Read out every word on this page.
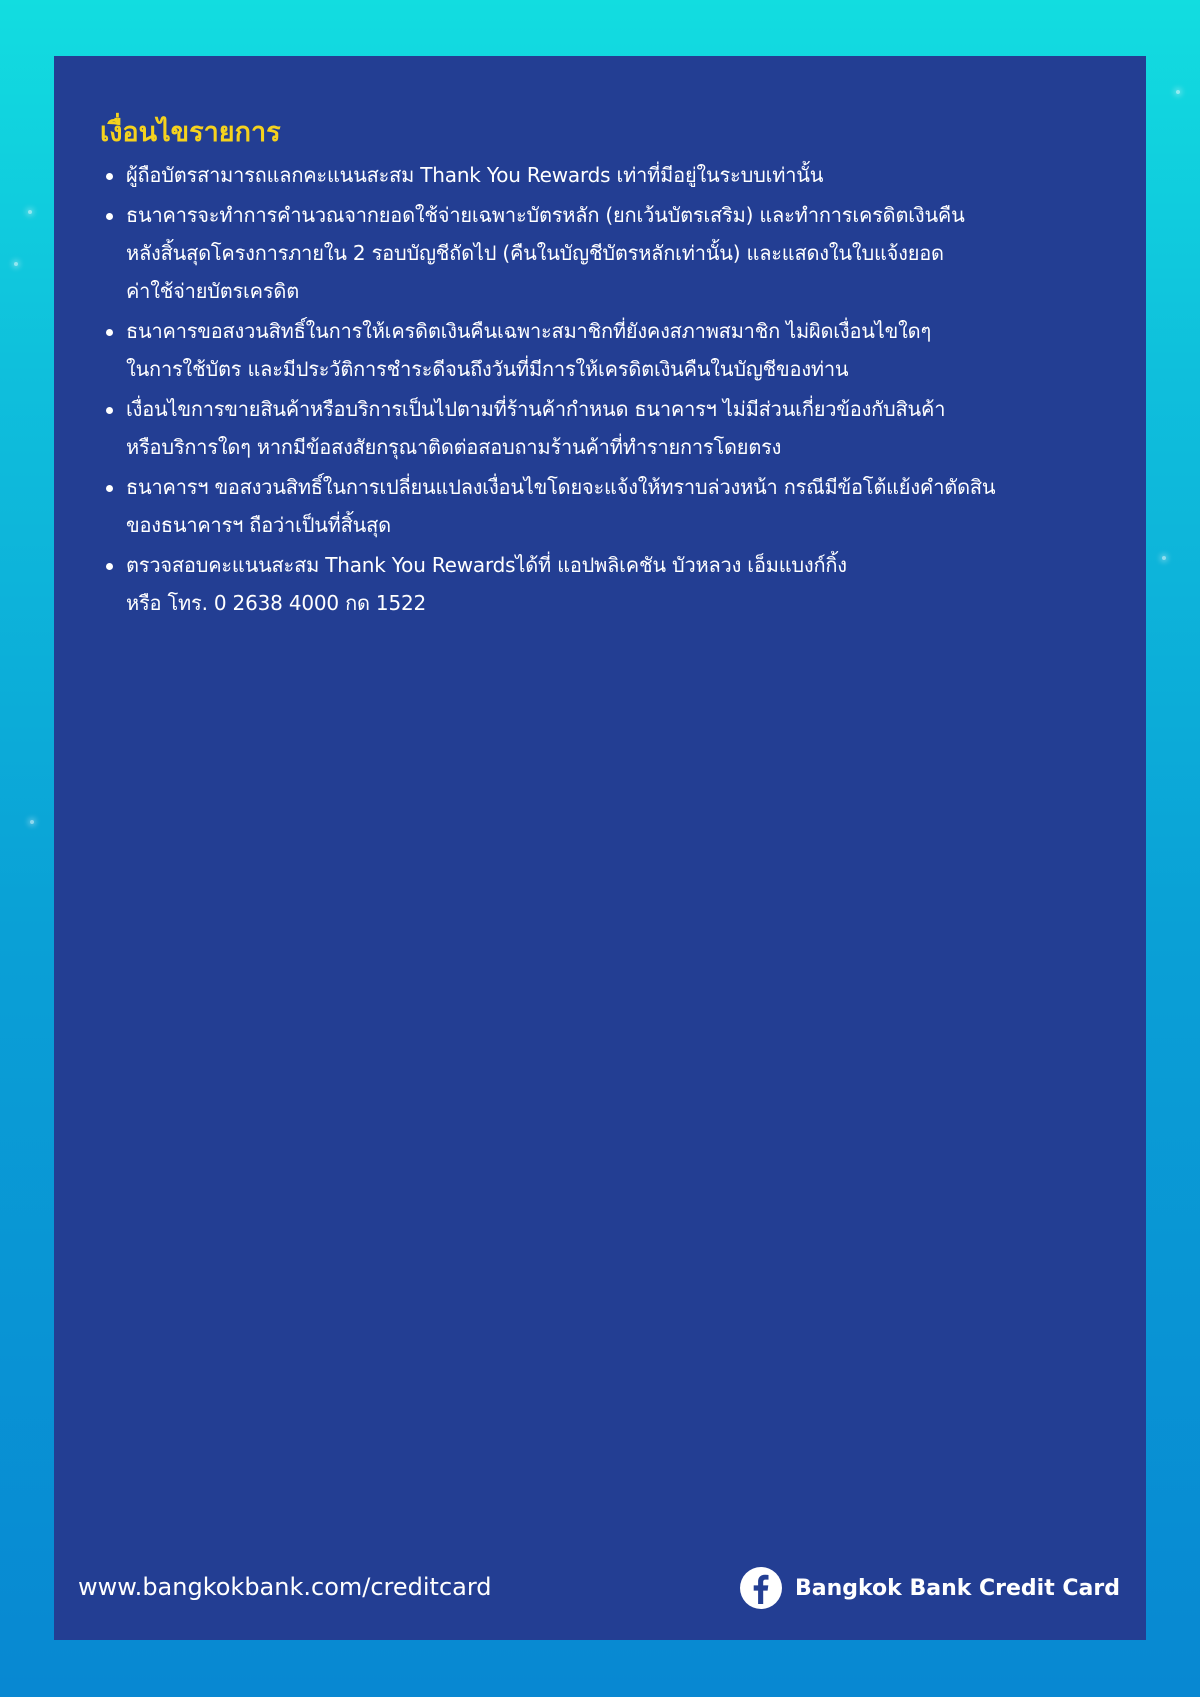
เงื่อนไขรายการ
ผู้ถือบัตรสามารถแลกคะแนนสะสม Thank You Rewards เท่าที่มีอยู่ในระบบเท่านั้น
ธนาคารจะทำการคำนวณจากยอดใช้จ่ายเฉพาะบัตรหลัก (ยกเว้นบัตรเสริม) และทำการเครดิตเงินคืน
หลังสิ้นสุดโครงการภายใน 2 รอบบัญชีถัดไป (คืนในบัญชีบัตรหลักเท่านั้น) และแสดงในใบแจ้งยอด
ค่าใช้จ่ายบัตรเครดิต
ธนาคารขอสงวนสิทธิ์ในการให้เครดิตเงินคืนเฉพาะสมาชิกที่ยังคงสภาพสมาชิก ไม่ผิดเงื่อนไขใดๆ
ในการใช้บัตร และมีประวัติการชำระดีจนถึงวันที่มีการให้เครดิตเงินคืนในบัญชีของท่าน
เงื่อนไขการขายสินค้าหรือบริการเป็นไปตามที่ร้านค้ากำหนด ธนาคารฯ ไม่มีส่วนเกี่ยวข้องกับสินค้า
หรือบริการใดๆ หากมีข้อสงสัยกรุณาติดต่อสอบถามร้านค้าที่ทำรายการโดยตรง
ธนาคารฯ ขอสงวนสิทธิ์ในการเปลี่ยนแปลงเงื่อนไขโดยจะแจ้งให้ทราบล่วงหน้า กรณีมีข้อโต้แย้งคำตัดสิน
ของธนาคารฯ ถือว่าเป็นที่สิ้นสุด
ตรวจสอบคะแนนสะสม Thank You Rewardsได้ที่ แอปพลิเคชัน บัวหลวง เอ็มแบงก์กิ้ง
หรือ โทร. 0 2638 4000 กด 1522
www.bangkokbank.com/creditcard	Bangkok Bank Credit Card
